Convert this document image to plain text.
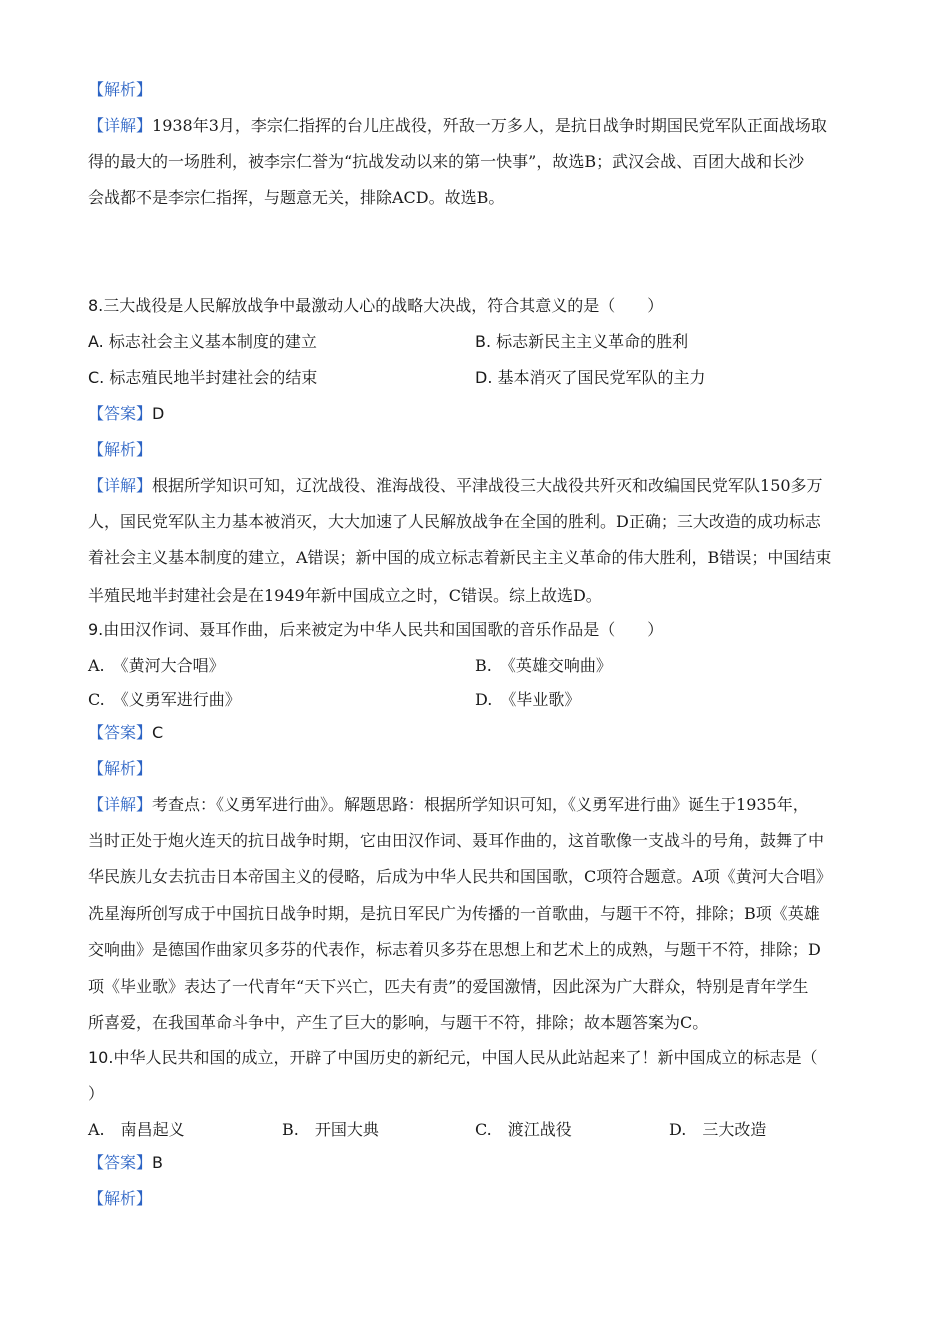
【解析】
【详解】1938年3月，李宗仁指挥的台儿庄战役，歼敌一万多人，是抗日战争时期国民党军队正面战场取
得的最大的一场胜利，被李宗仁誉为“抗战发动以来的第一快事”，故选B；武汉会战、百团大战和长沙
会战都不是李宗仁指挥，与题意无关，排除ACD。故选B。
8.三大战役是人民解放战争中最激动人心的战略大决战，符合其意义的是（　　）
A. 标志社会主义基本制度的建立	B. 标志新民主主义革命的胜利
C. 标志殖民地半封建社会的结束	D. 基本消灭了国民党军队的主力
【答案】D
【解析】
【详解】根据所学知识可知，辽沈战役、淮海战役、平津战役三大战役共歼灭和改编国民党军队150多万
人，国民党军队主力基本被消灭，大大加速了人民解放战争在全国的胜利。D正确；三大改造的成功标志
着社会主义基本制度的建立，A错误；新中国的成立标志着新民主主义革命的伟大胜利，B错误；中国结束
半殖民地半封建社会是在1949年新中国成立之时，C错误。综上故选D。
9.由田汉作词、聂耳作曲，后来被定为中华人民共和国国歌的音乐作品是（　　）
A.　《黄河大合唱》	B.　《英雄交响曲》
C.　《义勇军进行曲》	D.　《毕业歌》
【答案】C
【解析】
【详解】考查点：《义勇军进行曲》。解题思路：根据所学知识可知，《义勇军进行曲》诞生于1935年，
当时正处于炮火连天的抗日战争时期，它由田汉作词、聂耳作曲的，这首歌像一支战斗的号角，鼓舞了中
华民族儿女去抗击日本帝国主义的侵略，后成为中华人民共和国国歌，C项符合题意。A项《黄河大合唱》
冼星海所创写成于中国抗日战争时期，是抗日军民广为传播的一首歌曲，与题干不符，排除；B项《英雄
交响曲》是德国作曲家贝多芬的代表作，标志着贝多芬在思想上和艺术上的成熟，与题干不符，排除；D
项《毕业歌》表达了一代青年“天下兴亡，匹夫有责”的爱国激情，因此深为广大群众，特别是青年学生
所喜爱，在我国革命斗争中，产生了巨大的影响，与题干不符，排除；故本题答案为C。
10.中华人民共和国的成立，开辟了中国历史的新纪元，中国人民从此站起来了！新中国成立的标志是（
）
A.　南昌起义	B.　开国大典	C.　渡江战役	D.　三大改造
【答案】B
【解析】
